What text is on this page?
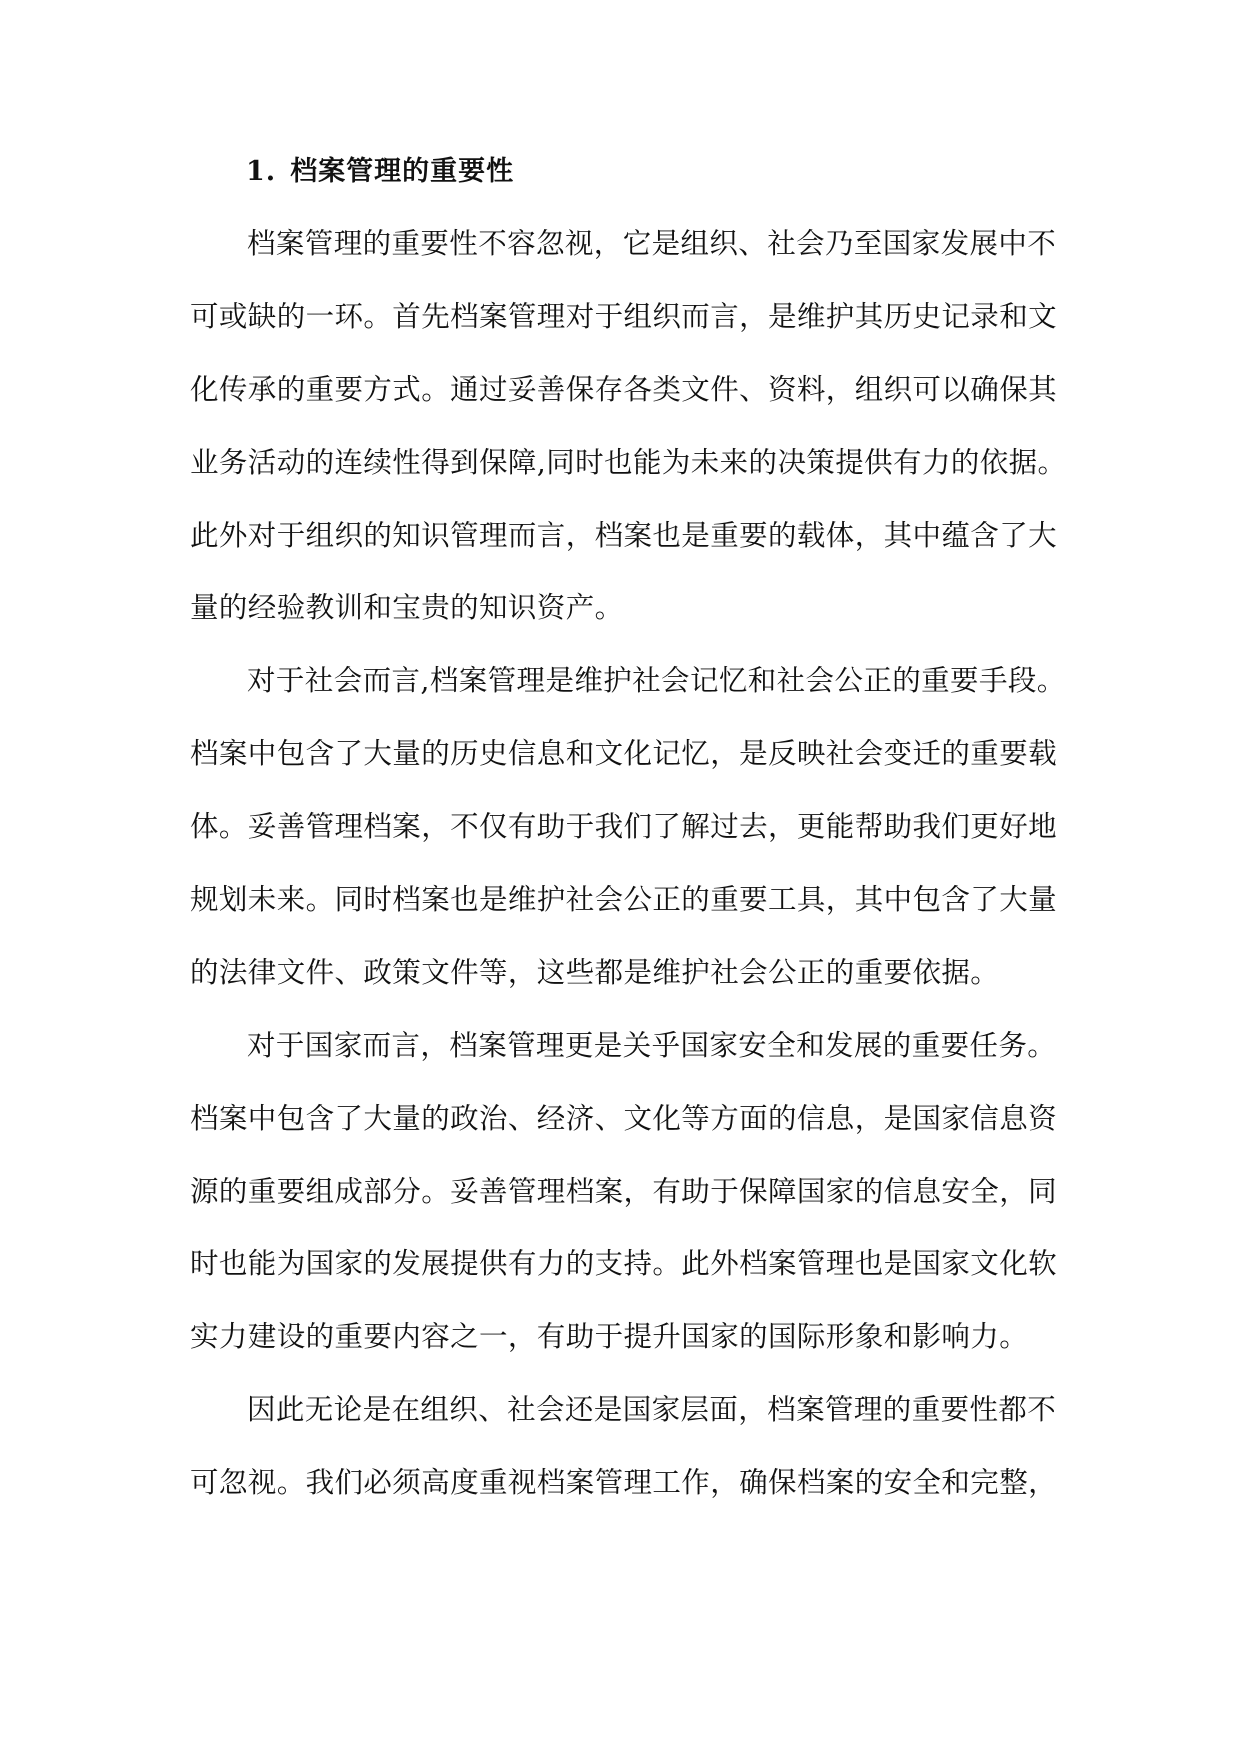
1. 档案管理的重要性
档案管理的重要性不容忽视，它是组织、社会乃至国家发展中不
可或缺的一环。首先档案管理对于组织而言，是维护其历史记录和文
化传承的重要方式。通过妥善保存各类文件、资料，组织可以确保其
业务活动的连续性得到保障,同时也能为未来的决策提供有力的依据。
此外对于组织的知识管理而言，档案也是重要的载体，其中蕴含了大
量的经验教训和宝贵的知识资产。
对于社会而言,档案管理是维护社会记忆和社会公正的重要手段。
档案中包含了大量的历史信息和文化记忆，是反映社会变迁的重要载
体。妥善管理档案，不仅有助于我们了解过去，更能帮助我们更好地
规划未来。同时档案也是维护社会公正的重要工具，其中包含了大量
的法律文件、政策文件等，这些都是维护社会公正的重要依据。
对于国家而言，档案管理更是关乎国家安全和发展的重要任务。
档案中包含了大量的政治、经济、文化等方面的信息，是国家信息资
源的重要组成部分。妥善管理档案，有助于保障国家的信息安全，同
时也能为国家的发展提供有力的支持。此外档案管理也是国家文化软
实力建设的重要内容之一，有助于提升国家的国际形象和影响力。
因此无论是在组织、社会还是国家层面，档案管理的重要性都不
可忽视。我们必须高度重视档案管理工作，确保档案的安全和完整，
